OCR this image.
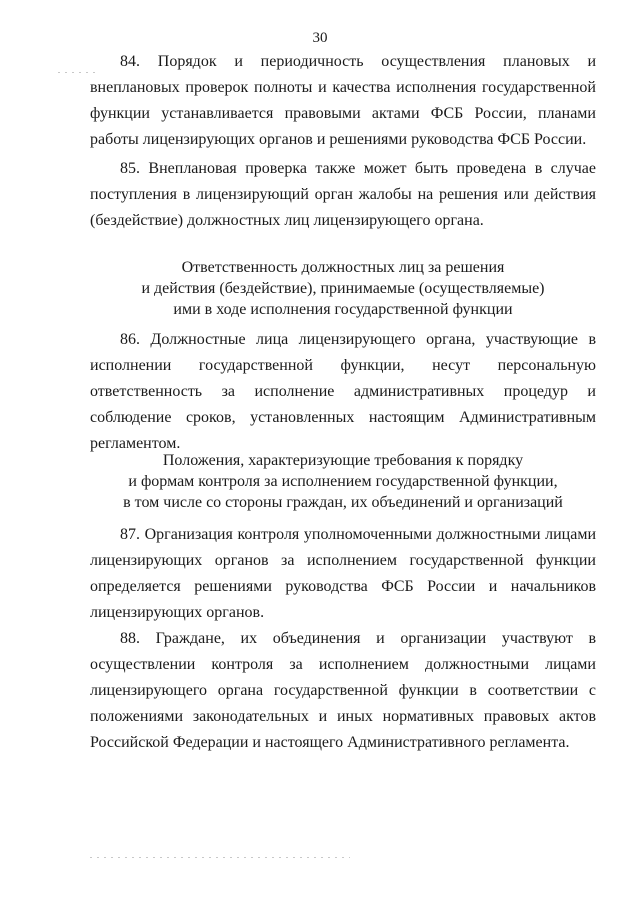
30

84. Порядок и периодичность осуществления плановых и внеплановых проверок полноты и качества исполнения государственной функции устанавливается правовыми актами ФСБ России, планами работы лицензирующих органов и решениями руководства ФСБ России.

85. Внеплановая проверка также может быть проведена в случае поступления в лицензирующий орган жалобы на решения или действия (бездействие) должностных лиц лицензирующего органа.

Ответственность должностных лиц за решения
и действия (бездействие), принимаемые (осуществляемые)
ими в ходе исполнения государственной функции

86. Должностные лица лицензирующего органа, участвующие в исполнении государственной функции, несут персональную ответственность за исполнение административных процедур и соблюдение сроков, установленных настоящим Административным регламентом.

Положения, характеризующие требования к порядку
и формам контроля за исполнением государственной функции,
в том числе со стороны граждан, их объединений и организаций

87. Организация контроля уполномоченными должностными лицами лицензирующих органов за исполнением государственной функции определяется решениями руководства ФСБ России и начальников лицензирующих органов.

88. Граждане, их объединения и организации участвуют в осуществлении контроля за исполнением должностными лицами лицензирующего органа государственной функции в соответствии с положениями законодательных и иных нормативных правовых актов Российской Федерации и настоящего Административного регламента.
